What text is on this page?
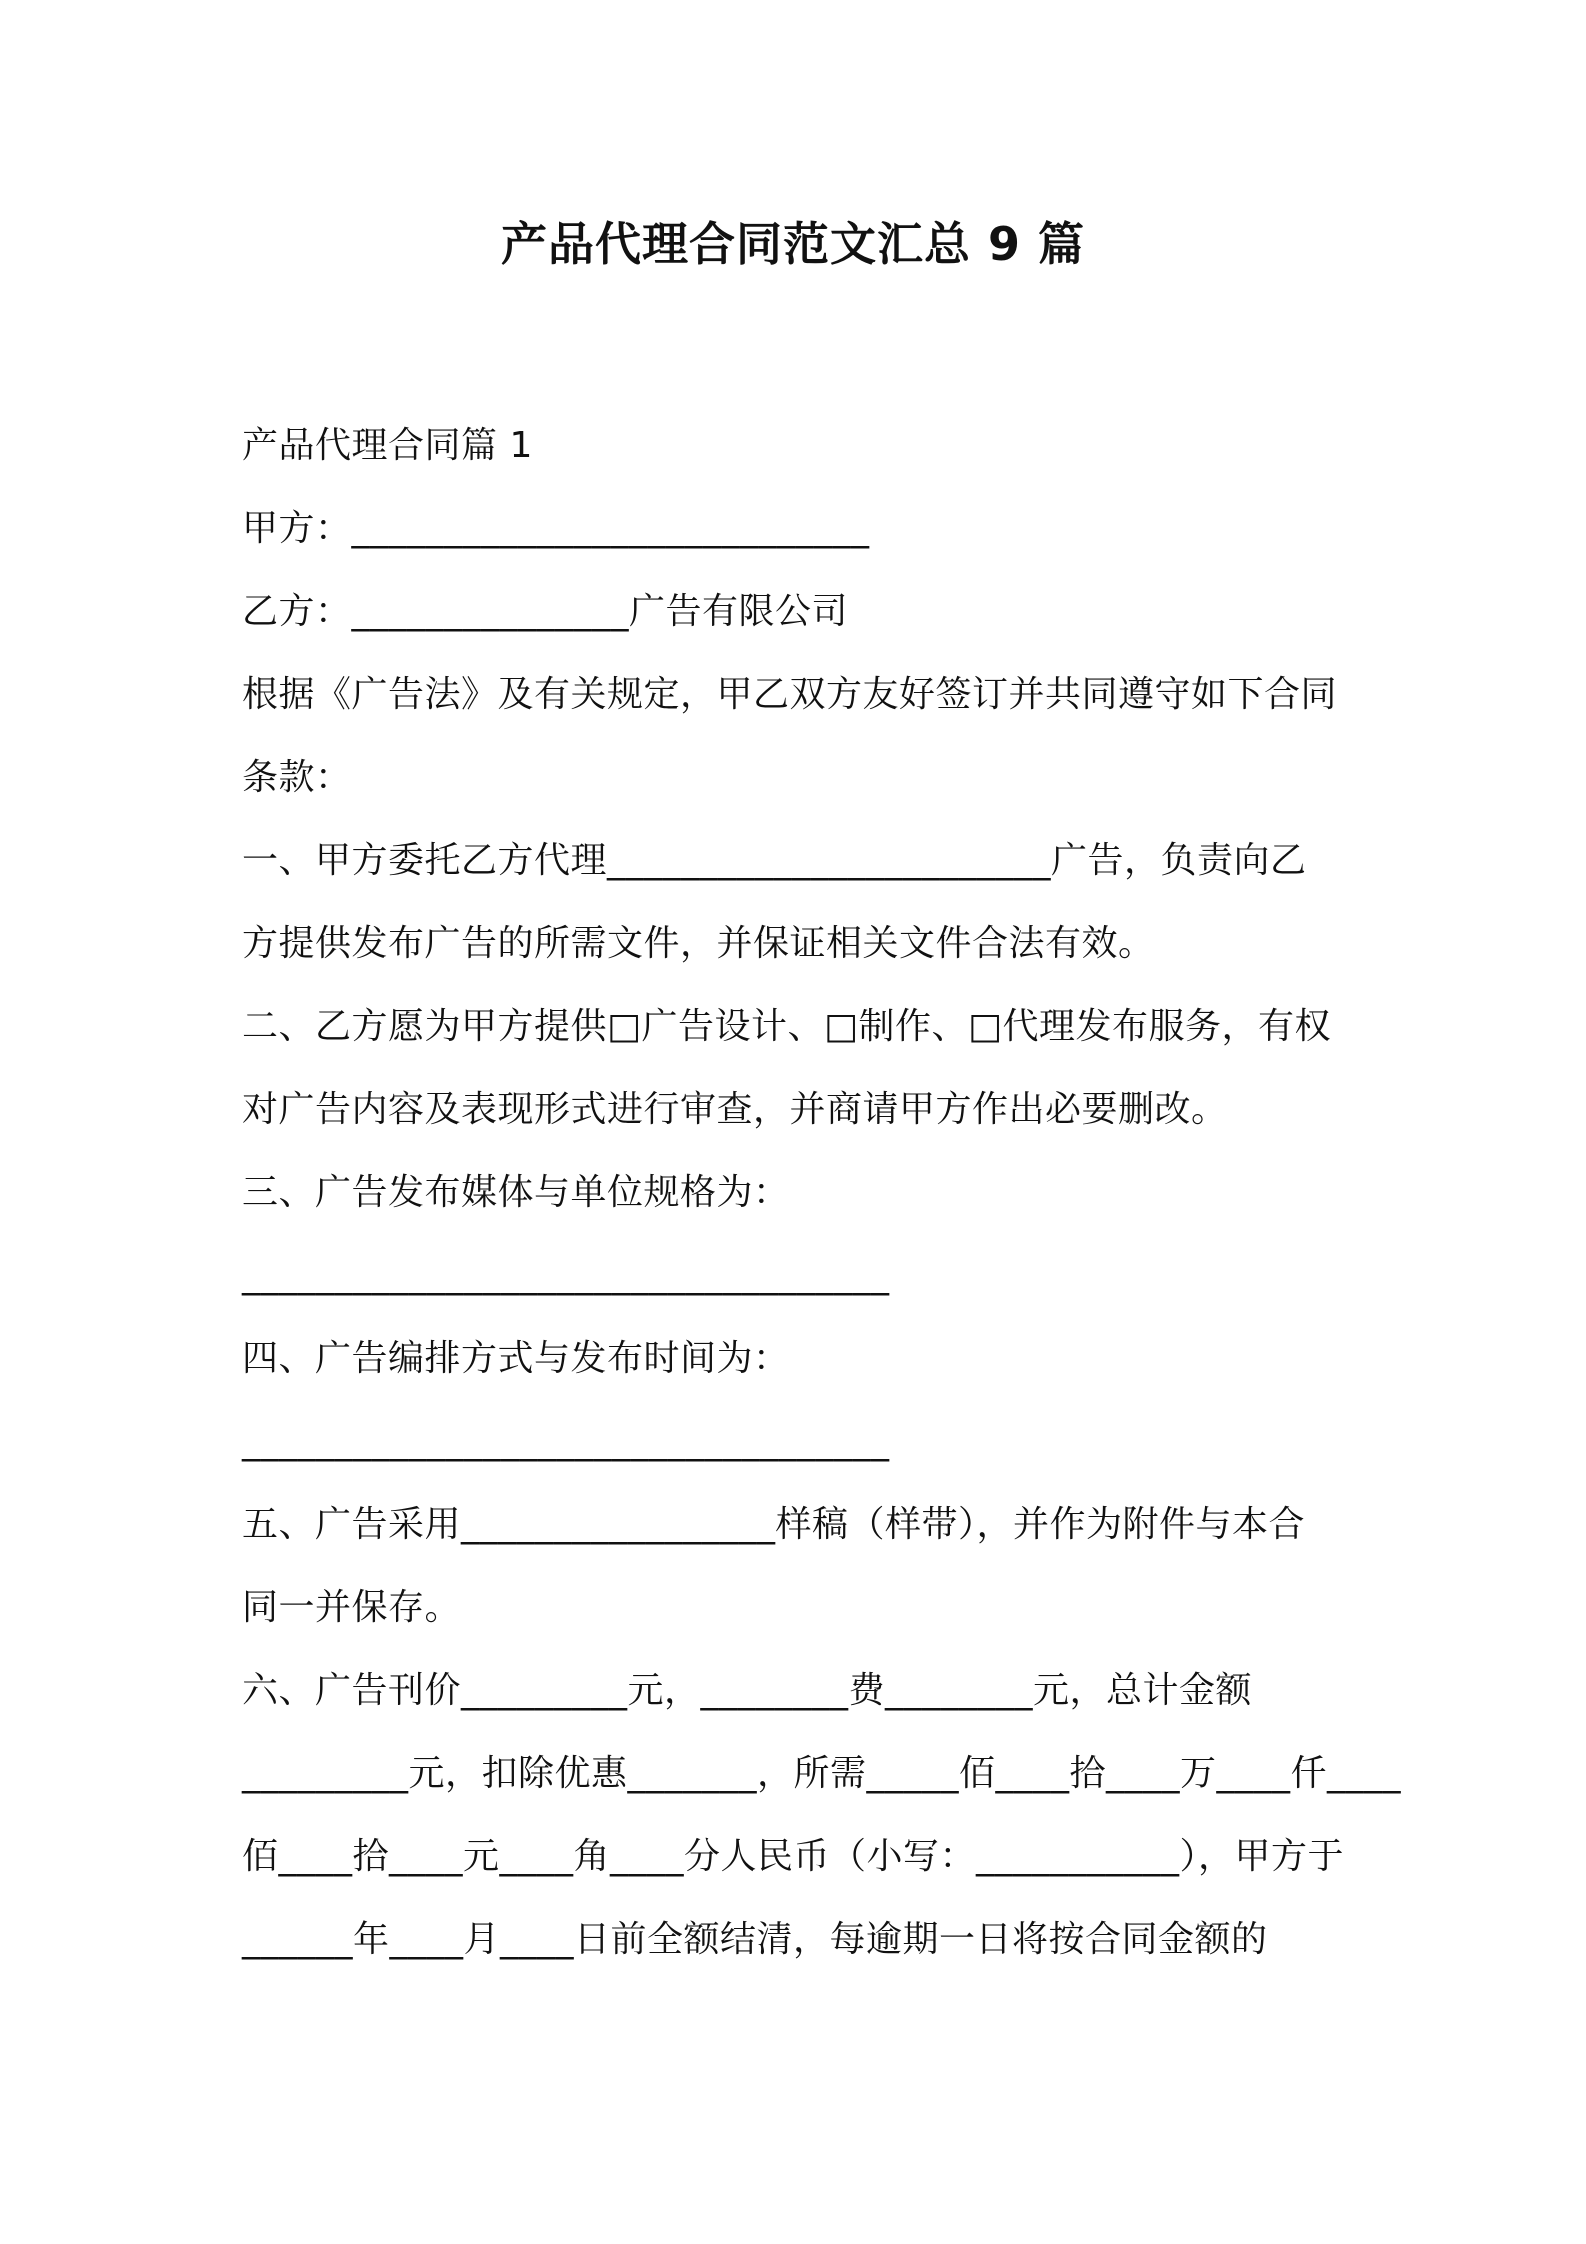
产品代理合同范文汇总 9 篇
产品代理合同篇 1
甲方：____________________________
乙方：_______________广告有限公司
根据《广告法》及有关规定，甲乙双方友好签订并共同遵守如下合同
条款：
一、甲方委托乙方代理________________________广告，负责向乙
方提供发布广告的所需文件，并保证相关文件合法有效。
二、乙方愿为甲方提供□广告设计、□制作、□代理发布服务，有权
对广告内容及表现形式进行审查，并商请甲方作出必要删改。
三、广告发布媒体与单位规格为：
___________________________________
四、广告编排方式与发布时间为：
___________________________________
五、广告采用_________________样稿（样带），并作为附件与本合
同一并保存。
六、广告刊价_________元，________费________元，总计金额
_________元，扣除优惠_______，所需_____佰____拾____万____仟____
佰____拾____元____角____分人民币（小写：___________），甲方于
______年____月____日前全额结清，每逾期一日将按合同金额的
